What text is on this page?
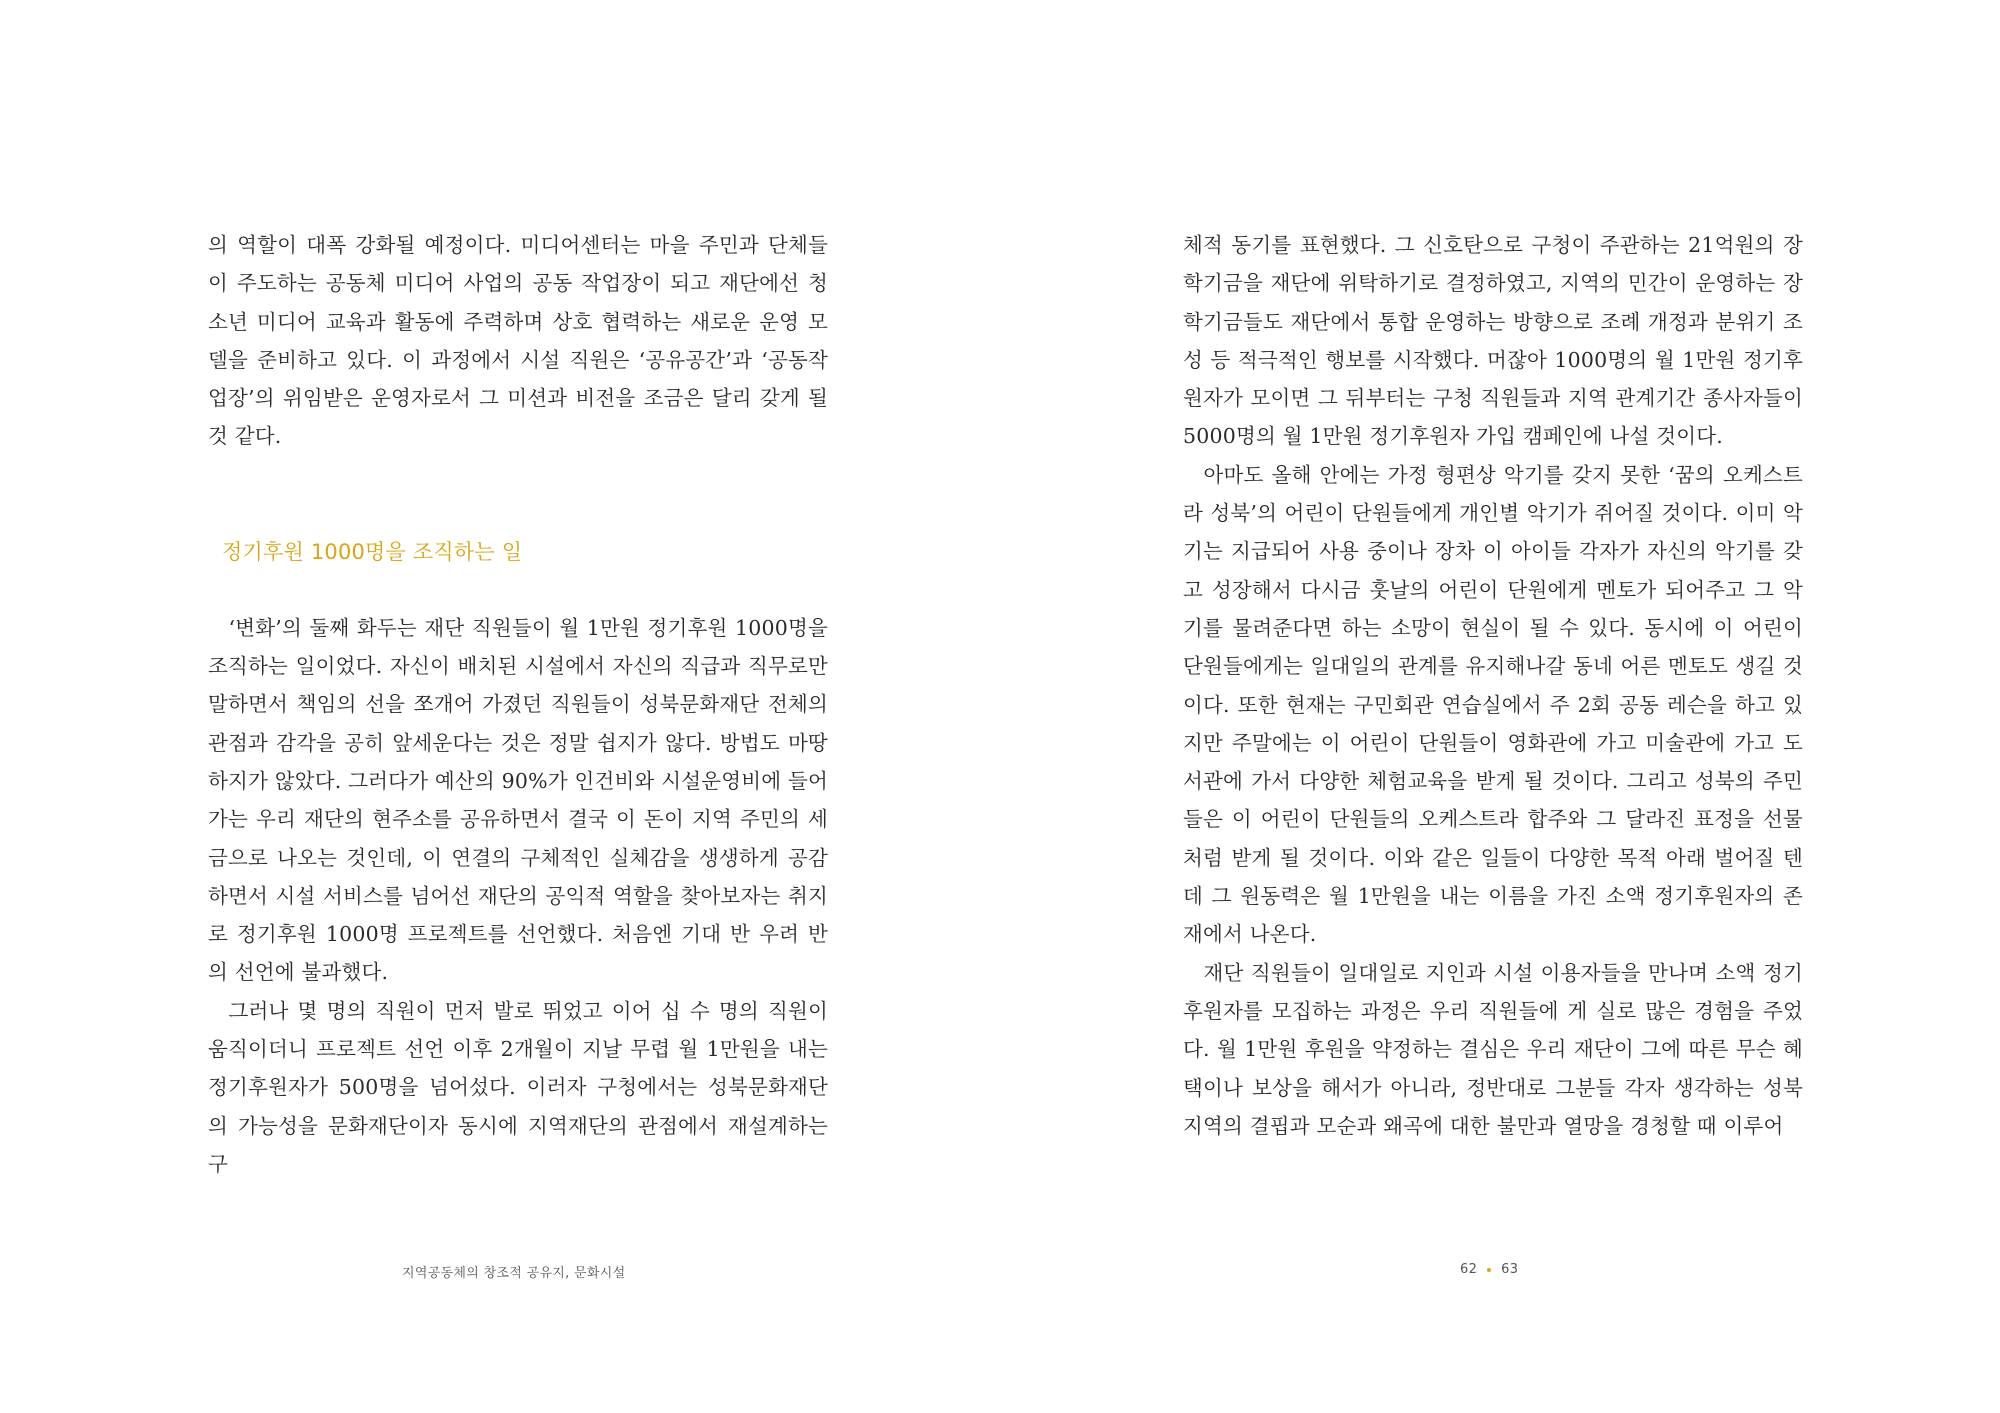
의 역할이 대폭 강화될 예정이다. 미디어센터는 마을 주민과 단체들이 주도하는 공동체 미디어 사업의 공동 작업장이 되고 재단에선 청소년 미디어 교육과 활동에 주력하며 상호 협력하는 새로운 운영 모델을 준비하고 있다. 이 과정에서 시설 직원은 ‘공유공간’과 ‘공동작업장’의 위임받은 운영자로서 그 미션과 비전을 조금은 달리 갖게 될 것 같다.

정기후원 1000명을 조직하는 일

‘변화’의 둘째 화두는 재단 직원들이 월 1만원 정기후원 1000명을 조직하는 일이었다. 자신이 배치된 시설에서 자신의 직급과 직무로만 말하면서 책임의 선을 쪼개어 가졌던 직원들이 성북문화재단 전체의 관점과 감각을 공히 앞세운다는 것은 정말 쉽지가 않다. 방법도 마땅하지가 않았다. 그러다가 예산의 90%가 인건비와 시설운영비에 들어가는 우리 재단의 현주소를 공유하면서 결국 이 돈이 지역 주민의 세금으로 나오는 것인데, 이 연결의 구체적인 실체감을 생생하게 공감하면서 시설 서비스를 넘어선 재단의 공익적 역할을 찾아보자는 취지로 정기후원 1000명 프로젝트를 선언했다. 처음엔 기대 반 우려 반의 선언에 불과했다.

그러나 몇 명의 직원이 먼저 발로 뛰었고 이어 십 수 명의 직원이 움직이더니 프로젝트 선언 이후 2개월이 지날 무렵 월 1만원을 내는 정기후원자가 500명을 넘어섰다. 이러자 구청에서는 성북문화재단의 가능성을 문화재단이자 동시에 지역재단의 관점에서 재설계하는 구

지역공동체의 창조적 공유지, 문화시설

체적 동기를 표현했다. 그 신호탄으로 구청이 주관하는 21억원의 장학기금을 재단에 위탁하기로 결정하였고, 지역의 민간이 운영하는 장학기금들도 재단에서 통합 운영하는 방향으로 조례 개정과 분위기 조성 등 적극적인 행보를 시작했다. 머잖아 1000명의 월 1만원 정기후원자가 모이면 그 뒤부터는 구청 직원들과 지역 관계기간 종사자들이 5000명의 월 1만원 정기후원자 가입 캠페인에 나설 것이다.

아마도 올해 안에는 가정 형편상 악기를 갖지 못한 ‘꿈의 오케스트라 성북’의 어린이 단원들에게 개인별 악기가 쥐어질 것이다. 이미 악기는 지급되어 사용 중이나 장차 이 아이들 각자가 자신의 악기를 갖고 성장해서 다시금 훗날의 어린이 단원에게 멘토가 되어주고 그 악기를 물려준다면 하는 소망이 현실이 될 수 있다. 동시에 이 어린이 단원들에게는 일대일의 관계를 유지해나갈 동네 어른 멘토도 생길 것이다. 또한 현재는 구민회관 연습실에서 주 2회 공동 레슨을 하고 있지만 주말에는 이 어린이 단원들이 영화관에 가고 미술관에 가고 도서관에 가서 다양한 체험교육을 받게 될 것이다. 그리고 성북의 주민들은 이 어린이 단원들의 오케스트라 합주와 그 달라진 표정을 선물처럼 받게 될 것이다. 이와 같은 일들이 다양한 목적 아래 벌어질 텐데 그 원동력은 월 1만원을 내는 이름을 가진 소액 정기후원자의 존재에서 나온다.

재단 직원들이 일대일로 지인과 시설 이용자들을 만나며 소액 정기후원자를 모집하는 과정은 우리 직원들에 게 실로 많은 경험을 주었다. 월 1만원 후원을 약정하는 결심은 우리 재단이 그에 따른 무슨 혜택이나 보상을 해서가 아니라, 정반대로 그분들 각자 생각하는 성북 지역의 결핍과 모순과 왜곡에 대한 불만과 열망을 경청할 때 이루어

62 63
